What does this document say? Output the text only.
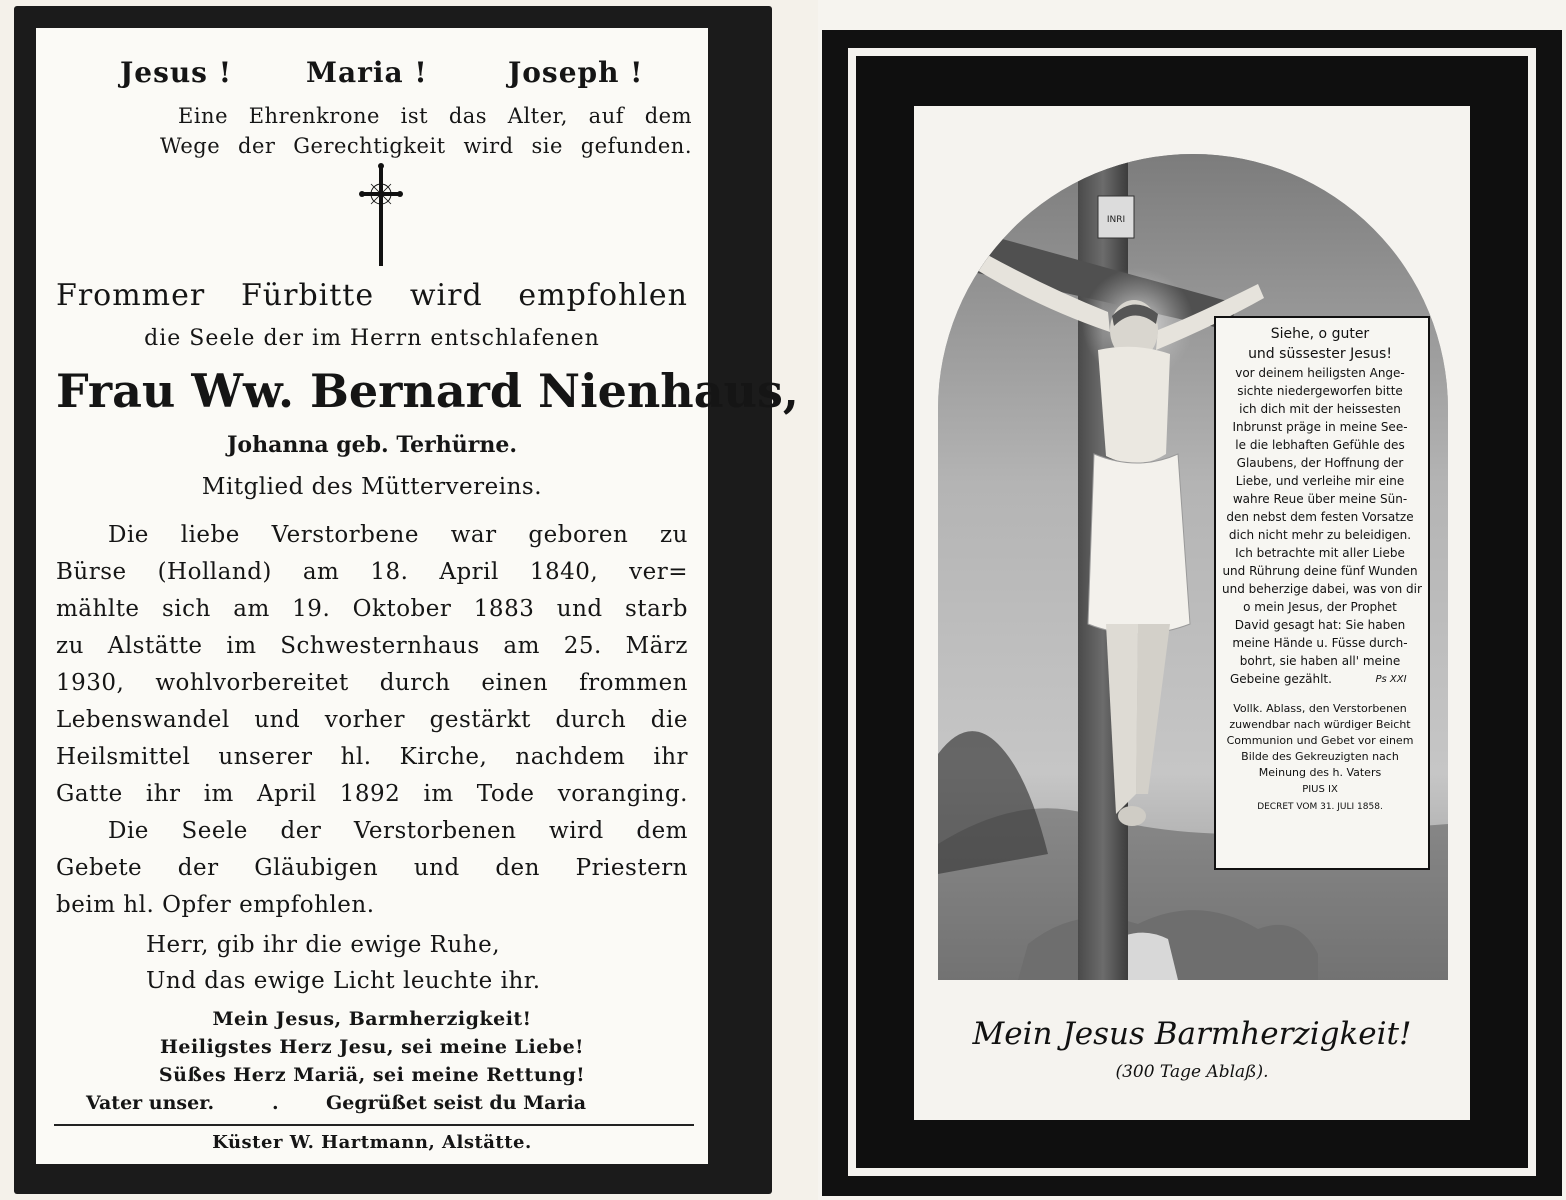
Jesus !	Maria !	Joseph !
Eine Ehrenkrone ist das Alter, auf dem
Wege der Gerechtigkeit wird sie gefunden.
Frommer Fürbitte wird empfohlen
die Seele der im Herrn entschlafenen
Frau Ww. Bernard Nienhaus,
Johanna geb. Terhürne.
Mitglied des Müttervereins.
Die liebe Verstorbene war geboren zu
Bürse (Holland) am 18. April 1840, ver=
mählte sich am 19. Oktober 1883 und starb
zu Alstätte im Schwesternhaus am 25. März
1930, wohlvorbereitet durch einen frommen
Lebenswandel und vorher gestärkt durch die
Heilsmittel unserer hl. Kirche, nachdem ihr
Gatte ihr im April 1892 im Tode voranging.
Die Seele der Verstorbenen wird dem
Gebete der Gläubigen und den Priestern
beim hl. Opfer empfohlen.
Herr, gib ihr die ewige Ruhe,
Und das ewige Licht leuchte ihr.
Mein Jesus, Barmherzigkeit!
Heiligstes Herz Jesu, sei meine Liebe!
Süßes Herz Mariä, sei meine Rettung!
Vater unser.	. Gegrüßet seist du Maria
Küster W. Hartmann, Alstätte.
INRI
Siehe, o guter
und süssester Jesus!
vor deinem heiligsten Ange-
sichte niedergeworfen bitte
ich dich mit der heissesten
Inbrunst präge in meine See-
le die lebhaften Gefühle des
Glaubens, der Hoffnung der
Liebe, und verleihe mir eine
wahre Reue über meine Sün-
den nebst dem festen Vorsatze
dich nicht mehr zu beleidigen.
Ich betrachte mit aller Liebe
und Rührung deine fünf Wunden
und beherzige dabei, was von dir
o mein Jesus, der Prophet
David gesagt hat: Sie haben
meine Hände u. Füsse durch-
bohrt, sie haben all' meine
Gebeine gezählt.	Ps XXI
Vollk. Ablass, den Verstorbenen
zuwendbar nach würdiger Beicht
Communion und Gebet vor einem
Bilde des Gekreuzigten nach
Meinung des h. Vaters
PIUS IX
DECRET VOM 31. JULI 1858.
Mein Jesus Barmherzigkeit!
(300 Tage Ablaß).
